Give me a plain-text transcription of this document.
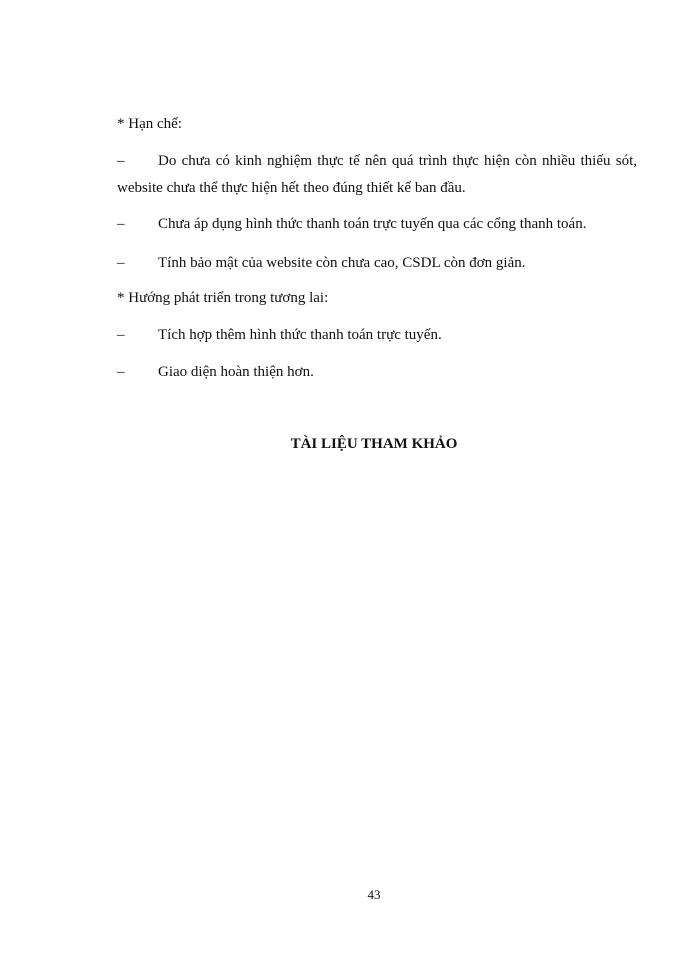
* Hạn chế:
–	Do chưa có kinh nghiệm thực tế nên quá trình thực hiện còn nhiều thiếu sót, website chưa thể thực hiện hết theo đúng thiết kế ban đầu.
– Chưa áp dụng hình thức thanh toán trực tuyến qua các cổng thanh toán.
– Tính bảo mật của website còn chưa cao, CSDL còn đơn giản.
* Hướng phát triển trong tương lai:
– Tích hợp thêm hình thức thanh toán trực tuyến.
– Giao diện hoàn thiện hơn.
TÀI LIỆU THAM KHẢO
43
